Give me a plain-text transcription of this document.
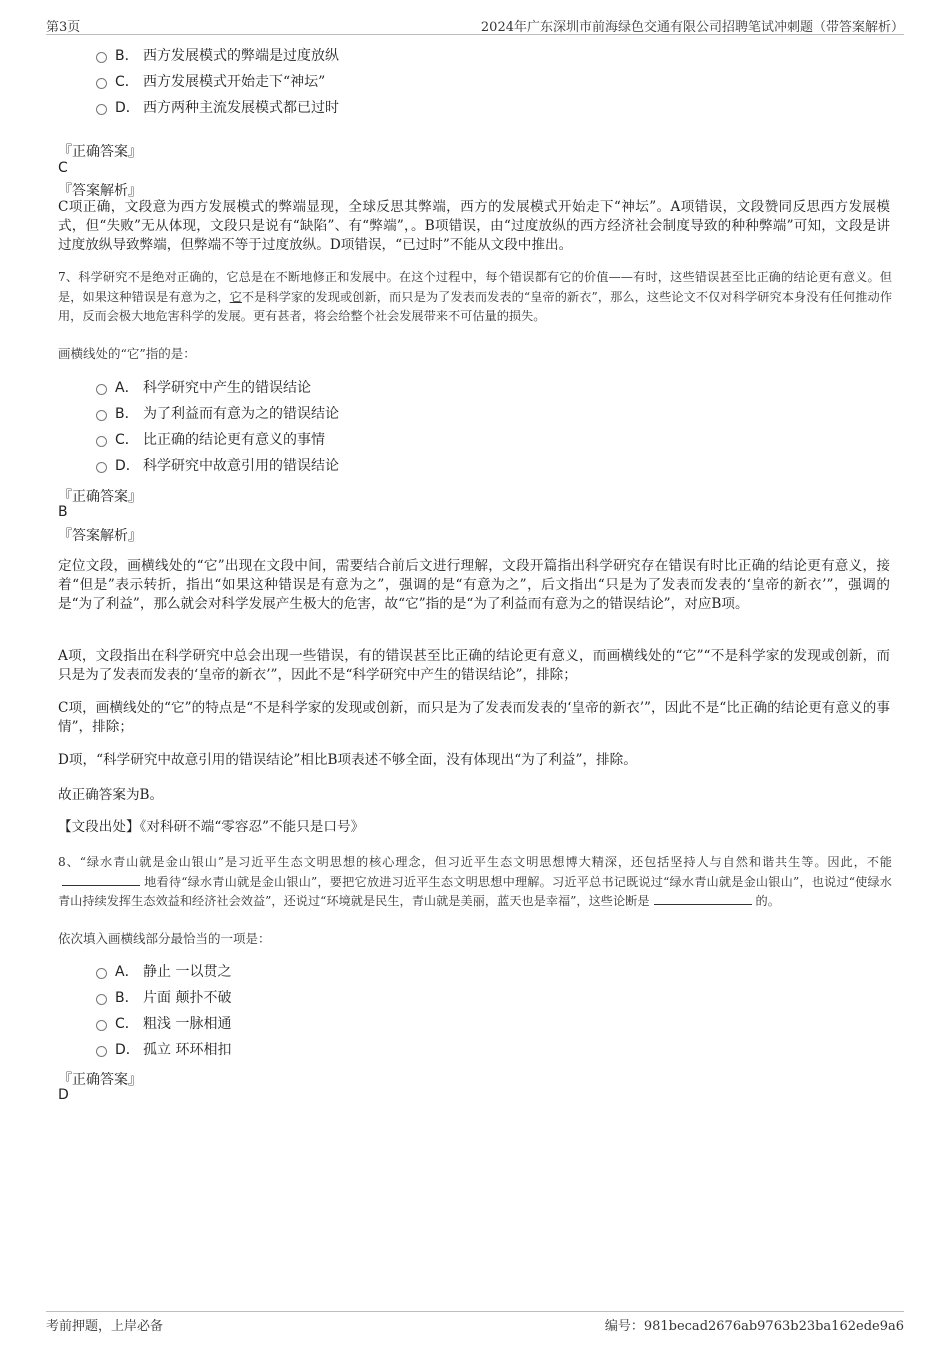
第3页	2024年广东深圳市前海绿色交通有限公司招聘笔试冲刺题（带答案解析）
B． 西方发展模式的弊端是过度放纵
C． 西方发展模式开始走下“神坛”
D． 西方两种主流发展模式都已过时
『正确答案』
C
『答案解析』
C项正确，文段意为西方发展模式的弊端显现，全球反思其弊端，西方的发展模式开始走下“神坛”。A项错误，文段赞同反思西方发展模式，但“失败”无从体现，文段只是说有“缺陷”、有“弊端”，。B项错误，由“过度放纵的西方经济社会制度导致的种种弊端”可知，文段是讲过度放纵导致弊端，但弊端不等于过度放纵。D项错误，“已过时”不能从文段中推出。
7、科学研究不是绝对正确的，它总是在不断地修正和发展中。在这个过程中，每个错误都有它的价值——有时，这些错误甚至比正确的结论更有意义。但是，如果这种错误是有意为之，它不是科学家的发现或创新，而只是为了发表而发表的“皇帝的新衣”，那么，这些论文不仅对科学研究本身没有任何推动作用，反而会极大地危害科学的发展。更有甚者，将会给整个社会发展带来不可估量的损失。
画横线处的“它”指的是：
A． 科学研究中产生的错误结论
B． 为了利益而有意为之的错误结论
C． 比正确的结论更有意义的事情
D． 科学研究中故意引用的错误结论
『正确答案』
B
『答案解析』
定位文段，画横线处的“它”出现在文段中间，需要结合前后文进行理解，文段开篇指出科学研究存在错误有时比正确的结论更有意义，接着“但是”表示转折，指出“如果这种错误是有意为之”，强调的是“有意为之”，后文指出“只是为了发表而发表的‘皇帝的新衣’”，强调的是“为了利益”，那么就会对科学发展产生极大的危害，故“它”指的是“为了利益而有意为之的错误结论”，对应B项。
A项，文段指出在科学研究中总会出现一些错误，有的错误甚至比正确的结论更有意义，而画横线处的“它”“不是科学家的发现或创新，而只是为了发表而发表的‘皇帝的新衣’”，因此不是“科学研究中产生的错误结论”，排除；
C项，画横线处的“它”的特点是“不是科学家的发现或创新，而只是为了发表而发表的‘皇帝的新衣’”，因此不是“比正确的结论更有意义的事情”，排除；
D项，“科学研究中故意引用的错误结论”相比B项表述不够全面，没有体现出“为了利益”，排除。
故正确答案为B。
【文段出处】《对科研不端“零容忍”不能只是口号》
8、“绿水青山就是金山银山”是习近平生态文明思想的核心理念，但习近平生态文明思想博大精深，还包括坚持人与自然和谐共生等。因此，不能地看待“绿水青山就是金山银山”，要把它放进习近平生态文明思想中理解。习近平总书记既说过“绿水青山就是金山银山”，也说过“使绿水青山持续发挥生态效益和经济社会效益”，还说过“环境就是民生，青山就是美丽，蓝天也是幸福”，这些论断是	的。
依次填入画横线部分最恰当的一项是：
A． 静止 一以贯之
B． 片面 颠扑不破
C． 粗浅 一脉相通
D． 孤立 环环相扣
『正确答案』
D
考前押题，上岸必备	编号：981becad2676ab9763b23ba162ede9a6
